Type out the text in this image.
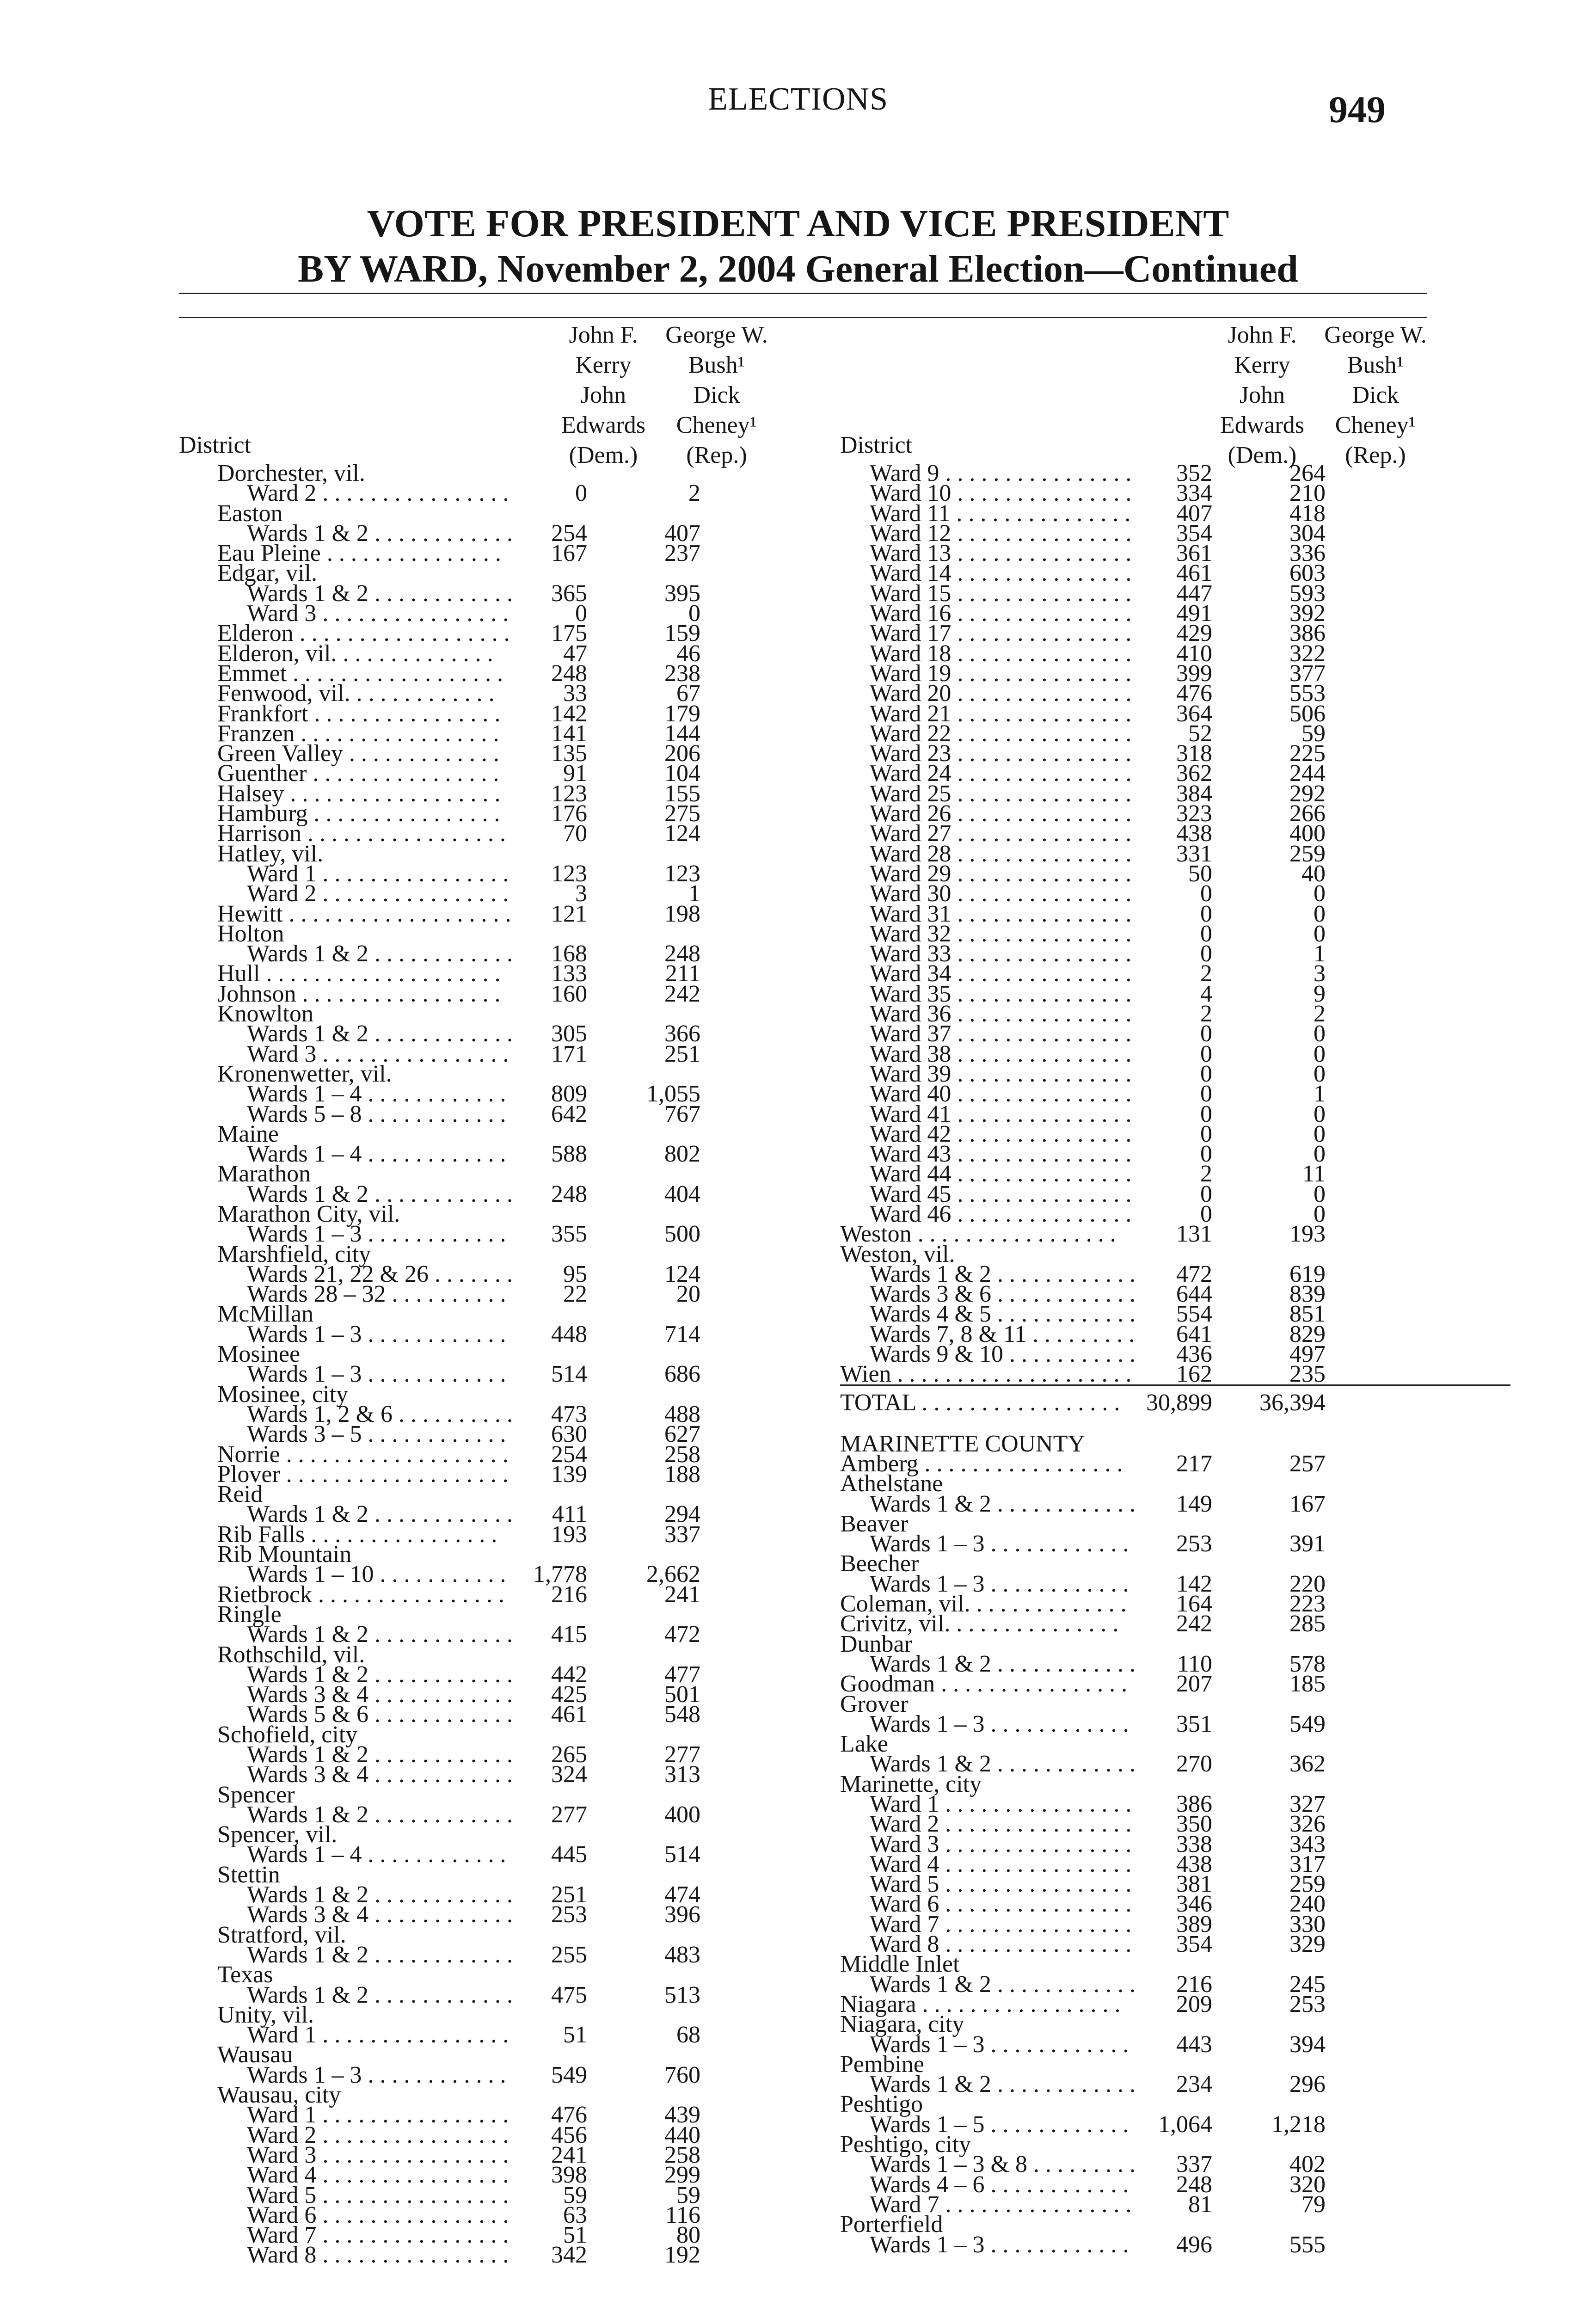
ELECTIONS	949
VOTE FOR PRESIDENT AND VICE PRESIDENT
BY WARD, November 2, 2004 General Election—Continued
John F.
Kerry
John
Edwards
(Dem.)
George W.
Bush¹
Dick
Cheney¹
(Rep.)
District
John F.
Kerry
John
Edwards
(Dem.)
George W.
Bush¹
Dick
Cheney¹
(Rep.)
District
Dorchester, vil.
Ward 2 . . . . . . . . . . . . . . . .	0	2
Easton
Wards 1 & 2 . . . . . . . . . . . .	254	407
Eau Pleine . . . . . . . . . . . . . . .	167	237
Edgar, vil.
Wards 1 & 2 . . . . . . . . . . . .	365	395
Ward 3 . . . . . . . . . . . . . . . .	0	0
Elderon . . . . . . . . . . . . . . . . . .	175	159
Elderon, vil. . . . . . . . . . . . . .	47	46
Emmet . . . . . . . . . . . . . . . . . .	248	238
Fenwood, vil. . . . . . . . . . . . .	33	67
Frankfort . . . . . . . . . . . . . . . .	142	179
Franzen . . . . . . . . . . . . . . . . .	141	144
Green Valley . . . . . . . . . . . . .	135	206
Guenther . . . . . . . . . . . . . . . .	91	104
Halsey . . . . . . . . . . . . . . . . . .	123	155
Hamburg . . . . . . . . . . . . . . . .	176	275
Harrison . . . . . . . . . . . . . . . . .	70	124
Hatley, vil.
Ward 1 . . . . . . . . . . . . . . . .	123	123
Ward 2 . . . . . . . . . . . . . . . .	3	1
Hewitt . . . . . . . . . . . . . . . . . . .	121	198
Holton
Wards 1 & 2 . . . . . . . . . . . .	168	248
Hull . . . . . . . . . . . . . . . . . . . .	133	211
Johnson . . . . . . . . . . . . . . . . .	160	242
Knowlton
Wards 1 & 2 . . . . . . . . . . . .	305	366
Ward 3 . . . . . . . . . . . . . . . .	171	251
Kronenwetter, vil.
Wards 1 – 4 . . . . . . . . . . . .	809	1,055
Wards 5 – 8 . . . . . . . . . . . .	642	767
Maine
Wards 1 – 4 . . . . . . . . . . . .	588	802
Marathon
Wards 1 & 2 . . . . . . . . . . . .	248	404
Marathon City, vil.
Wards 1 – 3 . . . . . . . . . . . .	355	500
Marshfield, city
Wards 21, 22 & 26 . . . . . . .	95	124
Wards 28 – 32 . . . . . . . . . .	22	20
McMillan
Wards 1 – 3 . . . . . . . . . . . .	448	714
Mosinee
Wards 1 – 3 . . . . . . . . . . . .	514	686
Mosinee, city
Wards 1, 2 & 6 . . . . . . . . . .	473	488
Wards 3 – 5 . . . . . . . . . . . .	630	627
Norrie . . . . . . . . . . . . . . . . . . .	254	258
Plover . . . . . . . . . . . . . . . . . . .	139	188
Reid
Wards 1 & 2 . . . . . . . . . . . .	411	294
Rib Falls . . . . . . . . . . . . . . . .	193	337
Rib Mountain
Wards 1 – 10 . . . . . . . . . . .	1,778	2,662
Rietbrock . . . . . . . . . . . . . . . .	216	241
Ringle
Wards 1 & 2 . . . . . . . . . . . .	415	472
Rothschild, vil.
Wards 1 & 2 . . . . . . . . . . . .	442	477
Wards 3 & 4 . . . . . . . . . . . .	425	501
Wards 5 & 6 . . . . . . . . . . . .	461	548
Schofield, city
Wards 1 & 2 . . . . . . . . . . . .	265	277
Wards 3 & 4 . . . . . . . . . . . .	324	313
Spencer
Wards 1 & 2 . . . . . . . . . . . .	277	400
Spencer, vil.
Wards 1 – 4 . . . . . . . . . . . .	445	514
Stettin
Wards 1 & 2 . . . . . . . . . . . .	251	474
Wards 3 & 4 . . . . . . . . . . . .	253	396
Stratford, vil.
Wards 1 & 2 . . . . . . . . . . . .	255	483
Texas
Wards 1 & 2 . . . . . . . . . . . .	475	513
Unity, vil.
Ward 1 . . . . . . . . . . . . . . . .	51	68
Wausau
Wards 1 – 3 . . . . . . . . . . . .	549	760
Wausau, city
Ward 1 . . . . . . . . . . . . . . . .	476	439
Ward 2 . . . . . . . . . . . . . . . .	456	440
Ward 3 . . . . . . . . . . . . . . . .	241	258
Ward 4 . . . . . . . . . . . . . . . .	398	299
Ward 5 . . . . . . . . . . . . . . . .	59	59
Ward 6 . . . . . . . . . . . . . . . .	63	116
Ward 7 . . . . . . . . . . . . . . . .	51	80
Ward 8 . . . . . . . . . . . . . . . .	342	192
Ward 9 . . . . . . . . . . . . . . . .	352	264
Ward 10 . . . . . . . . . . . . . . .	334	210
Ward 11 . . . . . . . . . . . . . . .	407	418
Ward 12 . . . . . . . . . . . . . . .	354	304
Ward 13 . . . . . . . . . . . . . . .	361	336
Ward 14 . . . . . . . . . . . . . . .	461	603
Ward 15 . . . . . . . . . . . . . . .	447	593
Ward 16 . . . . . . . . . . . . . . .	491	392
Ward 17 . . . . . . . . . . . . . . .	429	386
Ward 18 . . . . . . . . . . . . . . .	410	322
Ward 19 . . . . . . . . . . . . . . .	399	377
Ward 20 . . . . . . . . . . . . . . .	476	553
Ward 21 . . . . . . . . . . . . . . .	364	506
Ward 22 . . . . . . . . . . . . . . .	52	59
Ward 23 . . . . . . . . . . . . . . .	318	225
Ward 24 . . . . . . . . . . . . . . .	362	244
Ward 25 . . . . . . . . . . . . . . .	384	292
Ward 26 . . . . . . . . . . . . . . .	323	266
Ward 27 . . . . . . . . . . . . . . .	438	400
Ward 28 . . . . . . . . . . . . . . .	331	259
Ward 29 . . . . . . . . . . . . . . .	50	40
Ward 30 . . . . . . . . . . . . . . .	0	0
Ward 31 . . . . . . . . . . . . . . .	0	0
Ward 32 . . . . . . . . . . . . . . .	0	0
Ward 33 . . . . . . . . . . . . . . .	0	1
Ward 34 . . . . . . . . . . . . . . .	2	3
Ward 35 . . . . . . . . . . . . . . .	4	9
Ward 36 . . . . . . . . . . . . . . .	2	2
Ward 37 . . . . . . . . . . . . . . .	0	0
Ward 38 . . . . . . . . . . . . . . .	0	0
Ward 39 . . . . . . . . . . . . . . .	0	0
Ward 40 . . . . . . . . . . . . . . .	0	1
Ward 41 . . . . . . . . . . . . . . .	0	0
Ward 42 . . . . . . . . . . . . . . .	0	0
Ward 43 . . . . . . . . . . . . . . .	0	0
Ward 44 . . . . . . . . . . . . . . .	2	11
Ward 45 . . . . . . . . . . . . . . .	0	0
Ward 46 . . . . . . . . . . . . . . .	0	0
Weston . . . . . . . . . . . . . . . . .	131	193
Weston, vil.
Wards 1 & 2 . . . . . . . . . . . .	472	619
Wards 3 & 6 . . . . . . . . . . . .	644	839
Wards 4 & 5 . . . . . . . . . . . .	554	851
Wards 7, 8 & 11 . . . . . . . . .	641	829
Wards 9 & 10 . . . . . . . . . . .	436	497
Wien . . . . . . . . . . . . . . . . . . . .	162	235
TOTAL . . . . . . . . . . . . . . . . .	30,899	36,394
MARINETTE COUNTY
Amberg . . . . . . . . . . . . . . . . .	217	257
Athelstane
Wards 1 & 2 . . . . . . . . . . . .	149	167
Beaver
Wards 1 – 3 . . . . . . . . . . . .	253	391
Beecher
Wards 1 – 3 . . . . . . . . . . . .	142	220
Coleman, vil. . . . . . . . . . . . . .	164	223
Crivitz, vil. . . . . . . . . . . . . . .	242	285
Dunbar
Wards 1 & 2 . . . . . . . . . . . .	110	578
Goodman . . . . . . . . . . . . . . . .	207	185
Grover
Wards 1 – 3 . . . . . . . . . . . .	351	549
Lake
Wards 1 & 2 . . . . . . . . . . . .	270	362
Marinette, city
Ward 1 . . . . . . . . . . . . . . . .	386	327
Ward 2 . . . . . . . . . . . . . . . .	350	326
Ward 3 . . . . . . . . . . . . . . . .	338	343
Ward 4 . . . . . . . . . . . . . . . .	438	317
Ward 5 . . . . . . . . . . . . . . . .	381	259
Ward 6 . . . . . . . . . . . . . . . .	346	240
Ward 7 . . . . . . . . . . . . . . . .	389	330
Ward 8 . . . . . . . . . . . . . . . .	354	329
Middle Inlet
Wards 1 & 2 . . . . . . . . . . . .	216	245
Niagara . . . . . . . . . . . . . . . . .	209	253
Niagara, city
Wards 1 – 3 . . . . . . . . . . . .	443	394
Pembine
Wards 1 & 2 . . . . . . . . . . . .	234	296
Peshtigo
Wards 1 – 5 . . . . . . . . . . . .	1,064	1,218
Peshtigo, city
Wards 1 – 3 & 8 . . . . . . . . .	337	402
Wards 4 – 6 . . . . . . . . . . . .	248	320
Ward 7 . . . . . . . . . . . . . . . .	81	79
Porterfield
Wards 1 – 3 . . . . . . . . . . . .	496	555
